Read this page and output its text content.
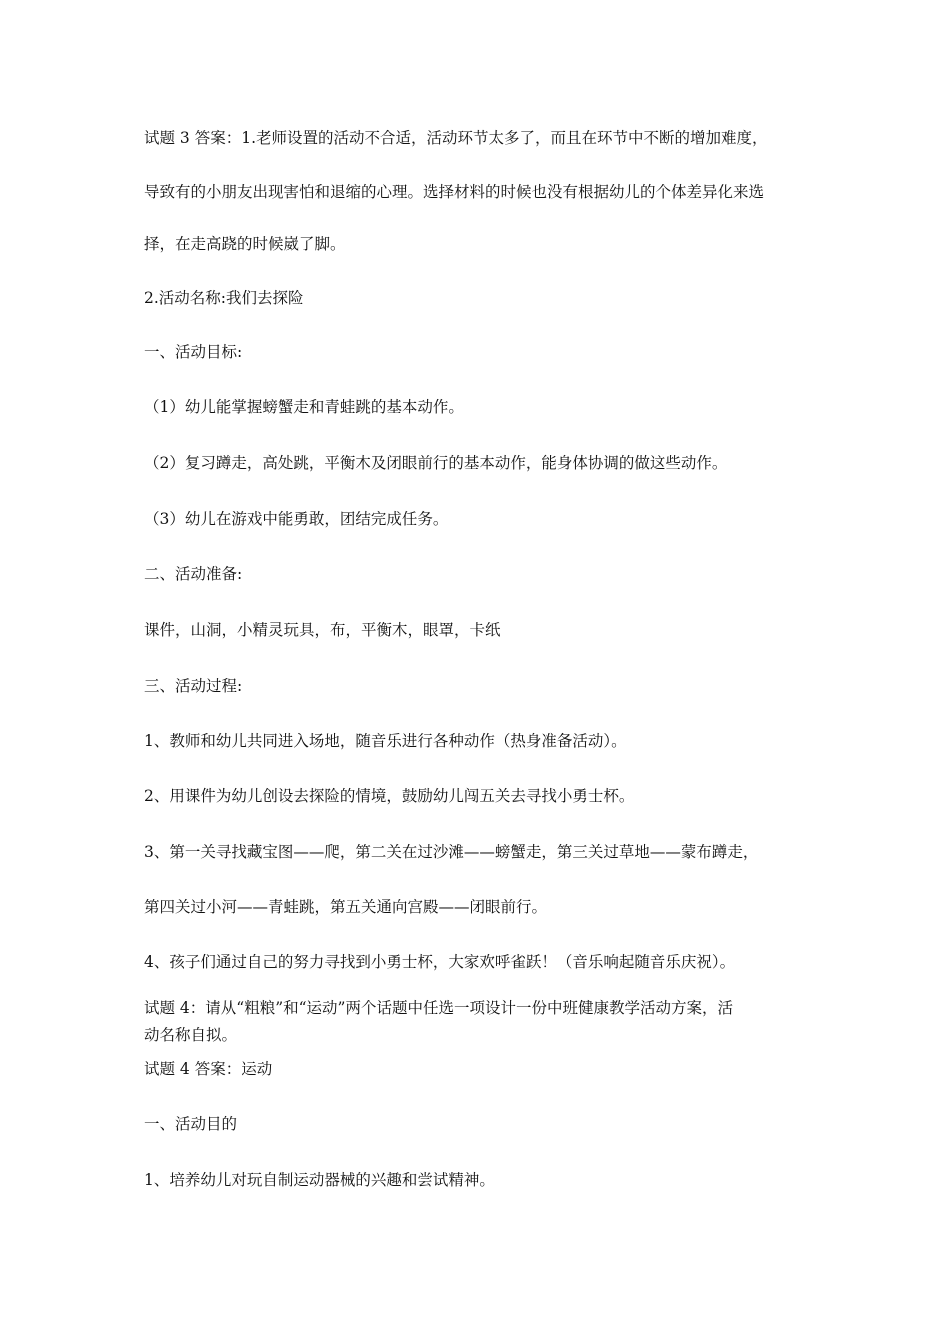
试题 3 答案：1.老师设置的活动不合适，活动环节太多了，而且在环节中不断的增加难度，

导致有的小朋友出现害怕和退缩的心理。选择材料的时候也没有根据幼儿的个体差异化来选

择，在走高跷的时候崴了脚。

2.活动名称:我们去探险

一、活动目标:

（1）幼儿能掌握螃蟹走和青蛙跳的基本动作。

（2）复习蹲走，高处跳，平衡木及闭眼前行的基本动作，能身体协调的做这些动作。

（3）幼儿在游戏中能勇敢，团结完成任务。

二、活动准备:

课件，山洞，小精灵玩具，布，平衡木，眼罩，卡纸

三、活动过程:

1、教师和幼儿共同进入场地，随音乐进行各种动作（热身准备活动）。

2、用课件为幼儿创设去探险的情境，鼓励幼儿闯五关去寻找小勇士杯。

3、第一关寻找藏宝图——爬，第二关在过沙滩——螃蟹走，第三关过草地——蒙布蹲走，

第四关过小河——青蛙跳，第五关通向宫殿——闭眼前行。

4、孩子们通过自己的努力寻找到小勇士杯，大家欢呼雀跃！（音乐响起随音乐庆祝）。

试题 4：请从“粗粮”和“运动”两个话题中任选一项设计一份中班健康教学活动方案，活

动名称自拟。

试题 4 答案：运动

一、活动目的

1、培养幼儿对玩自制运动器械的兴趣和尝试精神。
